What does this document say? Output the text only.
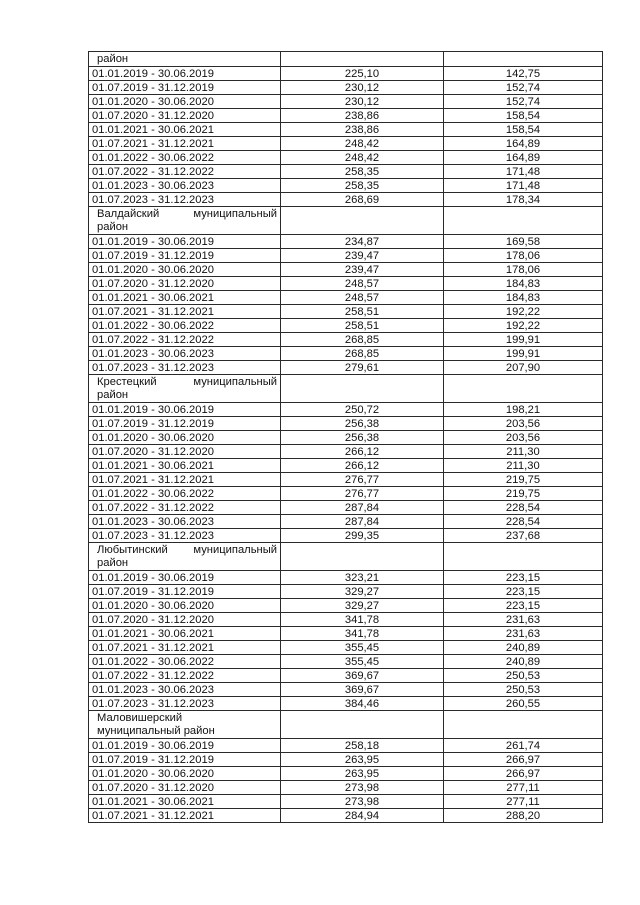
район		

01.01.2019 - 30.06.2019	225,10	142,75
01.07.2019 - 31.12.2019	230,12	152,74
01.01.2020 - 30.06.2020	230,12	152,74
01.07.2020 - 31.12.2020	238,86	158,54
01.01.2021 - 30.06.2021	238,86	158,54
01.07.2021 - 31.12.2021	248,42	164,89
01.01.2022 - 30.06.2022	248,42	164,89
01.07.2022 - 31.12.2022	258,35	171,48
01.01.2023 - 30.06.2023	258,35	171,48
01.07.2023 - 31.12.2023	268,69	178,34

Валдайский муниципальный
район		

01.01.2019 - 30.06.2019	234,87	169,58
01.07.2019 - 31.12.2019	239,47	178,06
01.01.2020 - 30.06.2020	239,47	178,06
01.07.2020 - 31.12.2020	248,57	184,83
01.01.2021 - 30.06.2021	248,57	184,83
01.07.2021 - 31.12.2021	258,51	192,22
01.01.2022 - 30.06.2022	258,51	192,22
01.07.2022 - 31.12.2022	268,85	199,91
01.01.2023 - 30.06.2023	268,85	199,91
01.07.2023 - 31.12.2023	279,61	207,90

Крестецкий муниципальный
район		

01.01.2019 - 30.06.2019	250,72	198,21
01.07.2019 - 31.12.2019	256,38	203,56
01.01.2020 - 30.06.2020	256,38	203,56
01.07.2020 - 31.12.2020	266,12	211,30
01.01.2021 - 30.06.2021	266,12	211,30
01.07.2021 - 31.12.2021	276,77	219,75
01.01.2022 - 30.06.2022	276,77	219,75
01.07.2022 - 31.12.2022	287,84	228,54
01.01.2023 - 30.06.2023	287,84	228,54
01.07.2023 - 31.12.2023	299,35	237,68

Любытинский муниципальный
район		

01.01.2019 - 30.06.2019	323,21	223,15
01.07.2019 - 31.12.2019	329,27	223,15
01.01.2020 - 30.06.2020	329,27	223,15
01.07.2020 - 31.12.2020	341,78	231,63
01.01.2021 - 30.06.2021	341,78	231,63
01.07.2021 - 31.12.2021	355,45	240,89
01.01.2022 - 30.06.2022	355,45	240,89
01.07.2022 - 31.12.2022	369,67	250,53
01.01.2023 - 30.06.2023	369,67	250,53
01.07.2023 - 31.12.2023	384,46	260,55

Маловишерский
муниципальный район		

01.01.2019 - 30.06.2019	258,18	261,74
01.07.2019 - 31.12.2019	263,95	266,97
01.01.2020 - 30.06.2020	263,95	266,97
01.07.2020 - 31.12.2020	273,98	277,11
01.01.2021 - 30.06.2021	273,98	277,11
01.07.2021 - 31.12.2021	284,94	288,20
